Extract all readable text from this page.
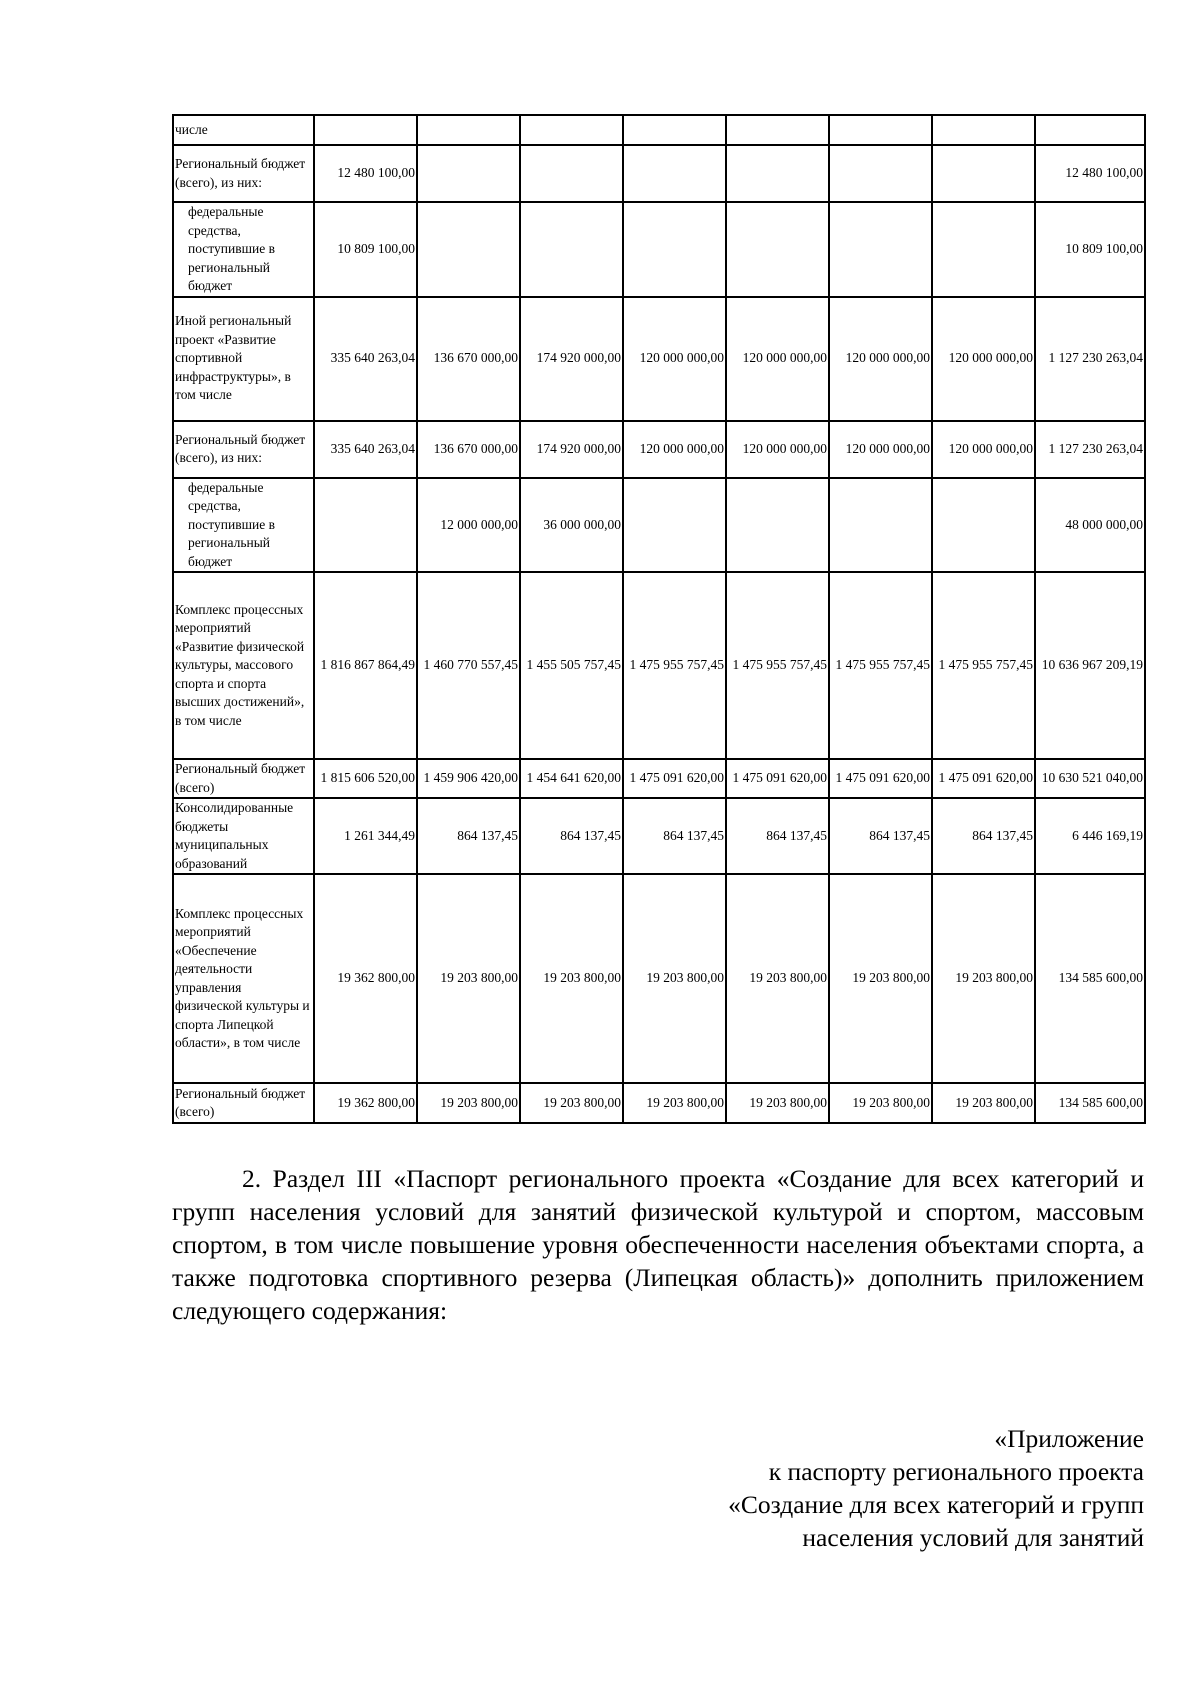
числе								
Региональный бюджет (всего), из них:	12 480 100,00							12 480 100,00
федеральные средства, поступившие в региональный бюджет	10 809 100,00							10 809 100,00
Иной региональный проект «Развитие спортивной инфраструктуры», в том числе	335 640 263,04	136 670 000,00	174 920 000,00	120 000 000,00	120 000 000,00	120 000 000,00	120 000 000,00	1 127 230 263,04
Региональный бюджет (всего), из них:	335 640 263,04	136 670 000,00	174 920 000,00	120 000 000,00	120 000 000,00	120 000 000,00	120 000 000,00	1 127 230 263,04
федеральные средства, поступившие в региональный бюджет		12 000 000,00	36 000 000,00					48 000 000,00
Комплекс процессных мероприятий «Развитие физической культуры, массового спорта и спорта высших достижений», в том числе	1 816 867 864,49	1 460 770 557,45	1 455 505 757,45	1 475 955 757,45	1 475 955 757,45	1 475 955 757,45	1 475 955 757,45	10 636 967 209,19
Региональный бюджет (всего)	1 815 606 520,00	1 459 906 420,00	1 454 641 620,00	1 475 091 620,00	1 475 091 620,00	1 475 091 620,00	1 475 091 620,00	10 630 521 040,00
Консолидированные бюджеты муниципальных образований	1 261 344,49	864 137,45	864 137,45	864 137,45	864 137,45	864 137,45	864 137,45	6 446 169,19
Комплекс процессных мероприятий «Обеспечение деятельности управления физической культуры и спорта Липецкой области», в том числе	19 362 800,00	19 203 800,00	19 203 800,00	19 203 800,00	19 203 800,00	19 203 800,00	19 203 800,00	134 585 600,00
Региональный бюджет (всего)	19 362 800,00	19 203 800,00	19 203 800,00	19 203 800,00	19 203 800,00	19 203 800,00	19 203 800,00	134 585 600,00

2. Раздел III «Паспорт регионального проекта «Создание для всех категорий и групп населения условий для занятий физической культурой и спортом, массовым спортом, в том числе повышение уровня обеспеченности населения объектами спорта, а также подготовка спортивного резерва (Липецкая область)» дополнить приложением следующего содержания:

«Приложение
к паспорту регионального проекта
«Создание для всех категорий и групп
населения условий для занятий
